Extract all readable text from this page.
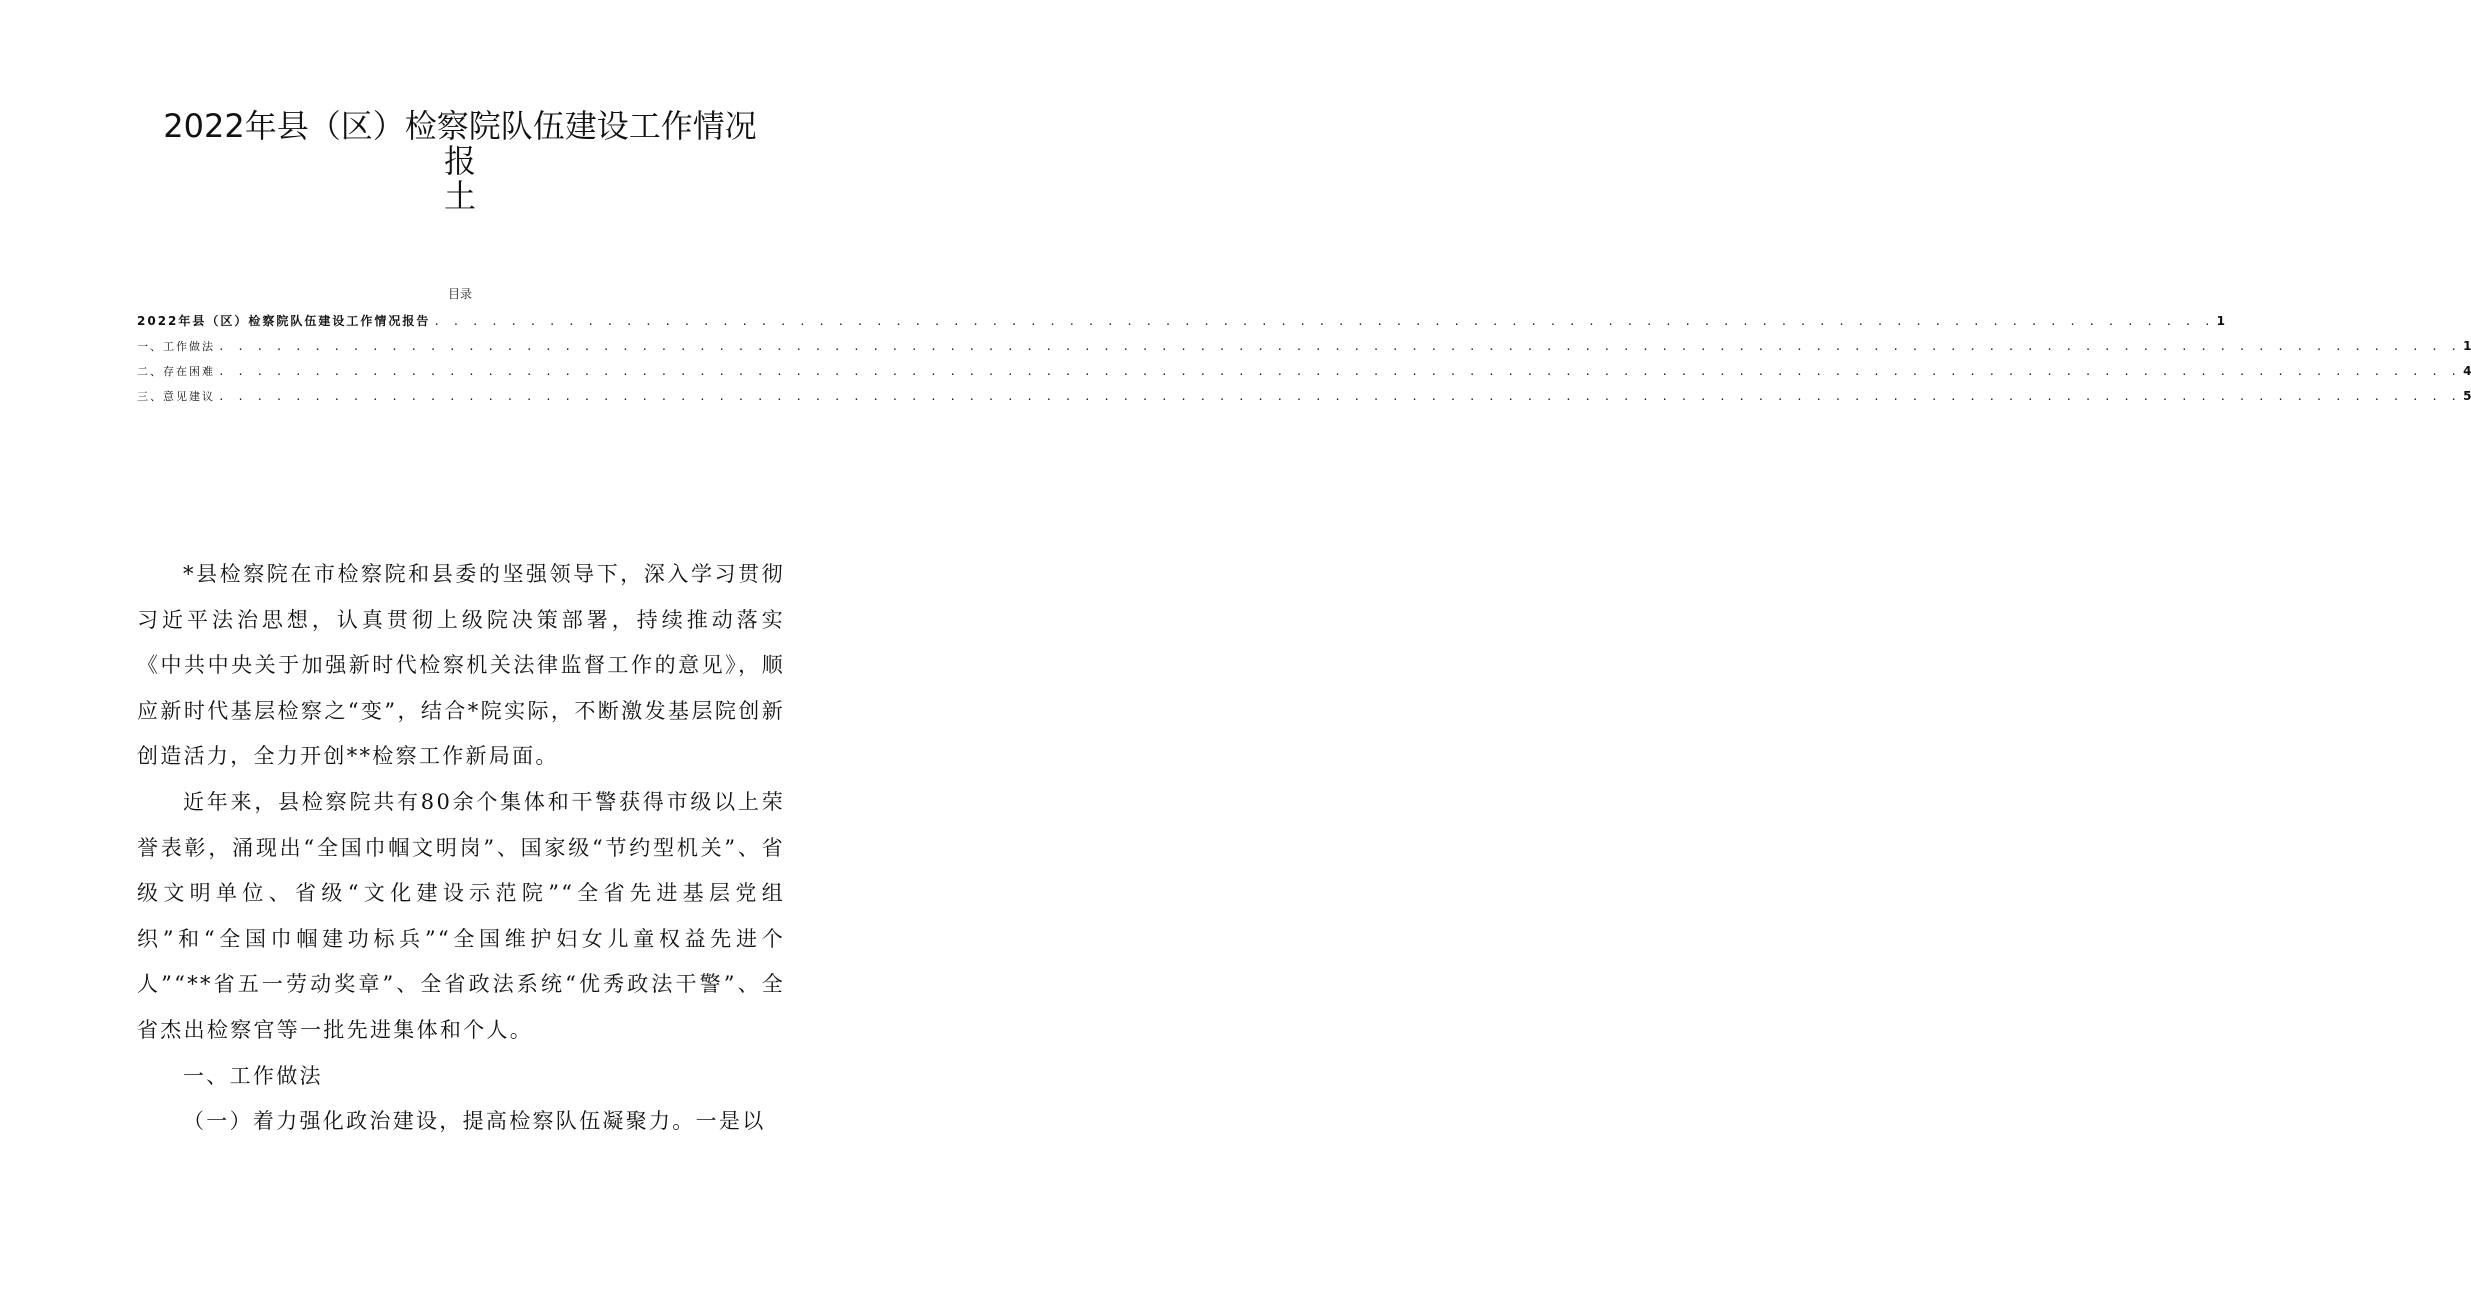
2022年县（区）检察院队伍建设工作情况
报
土
目录
2022年县（区）检察院队伍建设工作情况报告 . . . . . . . . . . . . . . . . . . . . . . . . . . . . . . . . . . . . . . . . . . . . . . . . . . . . . . . . . . . . . . . . . . . . . . . . . . . . . . . . . . . . . . . . . . . . . 1
一、工作做法 . . . . . . . . . . . . . . . . . . . . . . . . . . . . . . . . . . . . . . . . . . . . . . . . . . . . . . . . . . . . . . . . . . . . . . . . . . . . . . . . . . . . . . . . . . . . . . . . . . . . . . . . . . . . . . . . . . . . . 1
二、存在困难 . . . . . . . . . . . . . . . . . . . . . . . . . . . . . . . . . . . . . . . . . . . . . . . . . . . . . . . . . . . . . . . . . . . . . . . . . . . . . . . . . . . . . . . . . . . . . . . . . . . . . . . . . . . . . . . . . . . . . 4
三、意见建议 . . . . . . . . . . . . . . . . . . . . . . . . . . . . . . . . . . . . . . . . . . . . . . . . . . . . . . . . . . . . . . . . . . . . . . . . . . . . . . . . . . . . . . . . . . . . . . . . . . . . . . . . . . . . . . . . . . . . . 5

*县检察院在市检察院和县委的坚强领导下，深入学习贯彻习近平法治思想，认真贯彻上级院决策部署，持续推动落实《中共中央关于加强新时代检察机关法律监督工作的意见》，顺应新时代基层检察之“变”，结合*院实际，不断激发基层院创新创造活力，全力开创**检察工作新局面。

近年来，县检察院共有80余个集体和干警获得市级以上荣誉表彰，涌现出“全国巾帼文明岗”、国家级“节约型机关”、省级文明单位、省级“文化建设示范院”“全省先进基层党组织”和“全国巾帼建功标兵”“全国维护妇女儿童权益先进个人”“**省五一劳动奖章”、全省政法系统“优秀政法干警”、全省杰出检察官等一批先进集体和个人。

一、工作做法

（一）着力强化政治建设，提高检察队伍凝聚力。一是以
